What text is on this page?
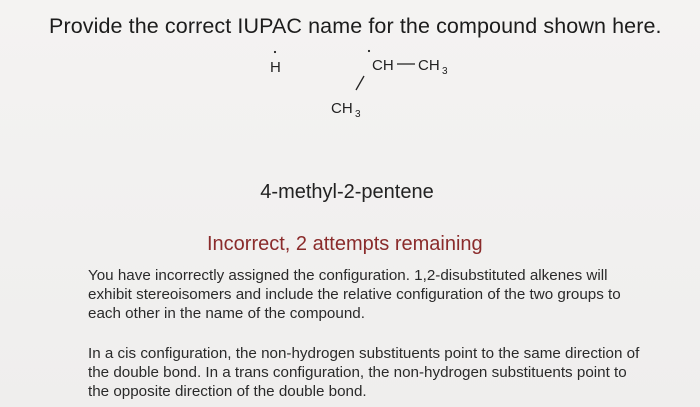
Provide the correct IUPAC name for the compound shown here.
H	CH CH 3
CH 3
4-methyl-2-pentene
Incorrect, 2 attempts remaining
You have incorrectly assigned the configuration. 1,2-disubstituted alkenes will exhibit stereoisomers and include the relative configuration of the two groups to each other in the name of the compound.
In a cis configuration, the non-hydrogen substituents point to the same direction of the double bond. In a trans configuration, the non-hydrogen substituents point to the opposite direction of the double bond.
